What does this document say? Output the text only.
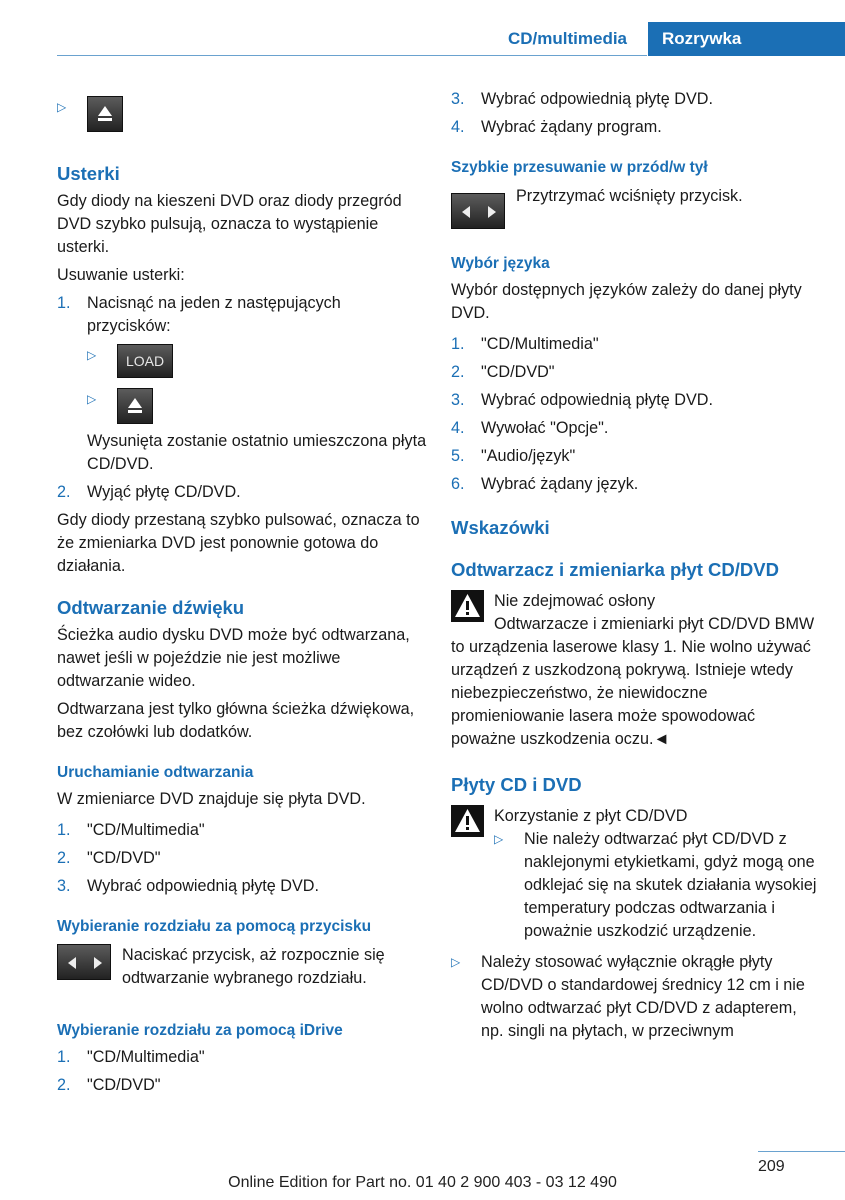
CD/multimedia	Rozrywka
▷
Usterki

Gdy diody na kieszeni DVD oraz diody przegród DVD szybko pulsują, oznacza to wystąpienie usterki.

Usuwanie usterki:

1.	Nacisnąć na jeden z następujących przycisków:
▷	LOAD
▷

Wysunięta zostanie ostatnio umieszczona płyta CD/DVD.

2.	Wyjąć płytę CD/DVD.

Gdy diody przestaną szybko pulsować, oznacza to że zmieniarka DVD jest ponownie gotowa do działania.

Odtwarzanie dźwięku

Ścieżka audio dysku DVD może być odtwarzana, nawet jeśli w pojeździe nie jest możliwe odtwarzanie wideo.

Odtwarzana jest tylko główna ścieżka dźwiękowa, bez czołówki lub dodatków.

Uruchamianie odtwarzania

W zmieniarce DVD znajduje się płyta DVD.

1.	"CD/Multimedia"
2.	"CD/DVD"
3.	Wybrać odpowiednią płytę DVD.
Wybieranie rozdziału za pomocą przycisku
Naciskać przycisk, aż rozpocznie się odtwarzanie wybranego rozdziału.
Wybieranie rozdziału za pomocą iDrive
1.	"CD/Multimedia"
2.	"CD/DVD"
3.	Wybrać odpowiednią płytę DVD.
4.	Wybrać żądany program.
Szybkie przesuwanie w przód/w tył
Przytrzymać wciśnięty przycisk.
Wybór języka

Wybór dostępnych języków zależy do danej płyty DVD.

1.	"CD/Multimedia"
2.	"CD/DVD"
3.	Wybrać odpowiednią płytę DVD.
4.	Wywołać "Opcje".
5.	"Audio/język"
6.	Wybrać żądany język.
Wskazówki
Odtwarzacz i zmieniarka płyt CD/DVD
Nie zdejmować osłony

Odtwarzacze i zmieniarki płyt CD/DVD BMW to urządzenia laserowe klasy 1. Nie wolno używać urządzeń z uszkodzoną pokrywą. Istnieje wtedy niebezpieczeństwo, że niewidoczne promieniowanie lasera może spowodować poważne uszkodzenia oczu.◄

Płyty CD i DVD
Korzystanie z płyt CD/DVD
▷	Nie należy odtwarzać płyt CD/DVD z naklejonymi etykietkami, gdyż mogą one odklejać się na skutek działania wysokiej temperatury podczas odtwarzania i poważnie uszkodzić urządzenie.
▷	Należy stosować wyłącznie okrągłe płyty CD/DVD o standardowej średnicy 12 cm i nie wolno odtwarzać płyt CD/DVD z adapterem, np. singli na płytach, w przeciwnym
209
Online Edition for Part no. 01 40 2 900 403 - 03 12 490
